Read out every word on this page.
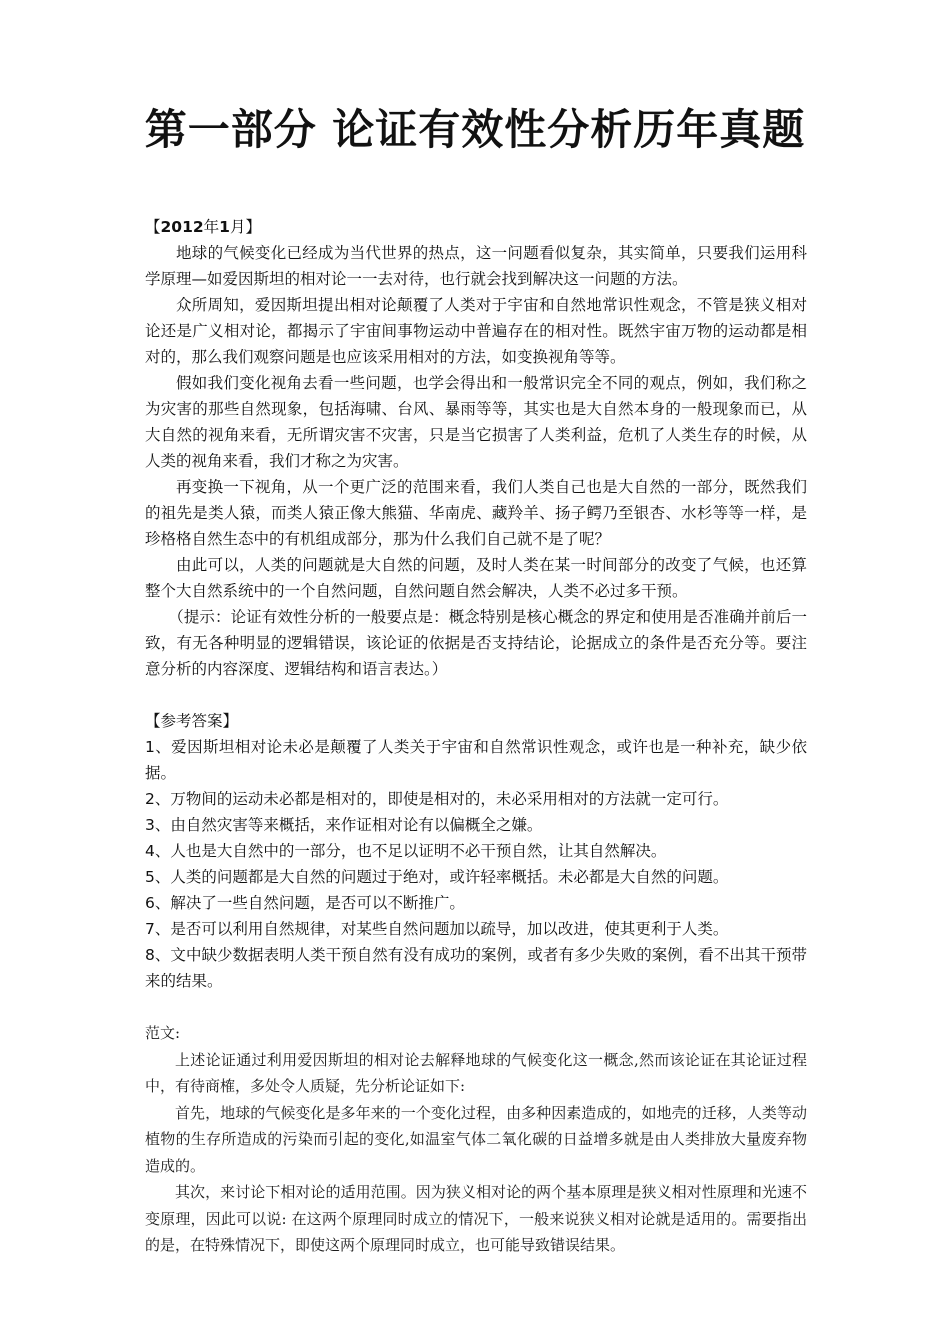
第一部分 论证有效性分析历年真题

【2012年1月】

地球的气候变化已经成为当代世界的热点，这一问题看似复杂，其实简单，只要我们运用科学原理—如爱因斯坦的相对论一一去对待，也行就会找到解决这一问题的方法。

众所周知，爱因斯坦提出相对论颠覆了人类对于宇宙和自然地常识性观念，不管是狭义相对论还是广义相对论，都揭示了宇宙间事物运动中普遍存在的相对性。既然宇宙万物的运动都是相对的，那么我们观察问题是也应该采用相对的方法，如变换视角等等。

假如我们变化视角去看一些问题，也学会得出和一般常识完全不同的观点，例如，我们称之为灾害的那些自然现象，包括海啸、台风、暴雨等等，其实也是大自然本身的一般现象而已，从大自然的视角来看，无所谓灾害不灾害，只是当它损害了人类利益，危机了人类生存的时候，从人类的视角来看，我们才称之为灾害。

再变换一下视角，从一个更广泛的范围来看，我们人类自己也是大自然的一部分，既然我们的祖先是类人猿，而类人猿正像大熊猫、华南虎、藏羚羊、扬子鳄乃至银杏、水杉等等一样，是珍格格自然生态中的有机组成部分，那为什么我们自己就不是了呢？

由此可以，人类的问题就是大自然的问题，及时人类在某一时间部分的改变了气候，也还算整个大自然系统中的一个自然问题，自然问题自然会解决，人类不必过多干预。

（提示：论证有效性分析的一般要点是：概念特别是核心概念的界定和使用是否准确并前后一致，有无各种明显的逻辑错误，该论证的依据是否支持结论，论据成立的条件是否充分等。要注意分析的内容深度、逻辑结构和语言表达。）

【参考答案】

1、爱因斯坦相对论未必是颠覆了人类关于宇宙和自然常识性观念，或许也是一种补充，缺少依据。

2、万物间的运动未必都是相对的，即使是相对的，未必采用相对的方法就一定可行。

3、由自然灾害等来概括，来作证相对论有以偏概全之嫌。

4、人也是大自然中的一部分，也不足以证明不必干预自然，让其自然解决。

5、人类的问题都是大自然的问题过于绝对，或许轻率概括。未必都是大自然的问题。

6、解决了一些自然问题，是否可以不断推广。

7、是否可以利用自然规律，对某些自然问题加以疏导，加以改进，使其更利于人类。

8、文中缺少数据表明人类干预自然有没有成功的案例，或者有多少失败的案例，看不出其干预带来的结果。

范文:

上述论证通过利用爱因斯坦的相对论去解释地球的气候变化这一概念,然而该论证在其论证过程中，有待商榷，多处令人质疑，先分析论证如下:

首先，地球的气候变化是多年来的一个变化过程，由多种因素造成的，如地壳的迁移，人类等动植物的生存所造成的污染而引起的变化,如温室气体二氧化碳的日益增多就是由人类排放大量废弃物造成的。

其次，来讨论下相对论的适用范围。因为狭义相对论的两个基本原理是狭义相对性原理和光速不变原理，因此可以说: 在这两个原理同时成立的情况下，一般来说狭义相对论就是适用的。需要指出的是，在特殊情况下，即使这两个原理同时成立，也可能导致错误结果。
